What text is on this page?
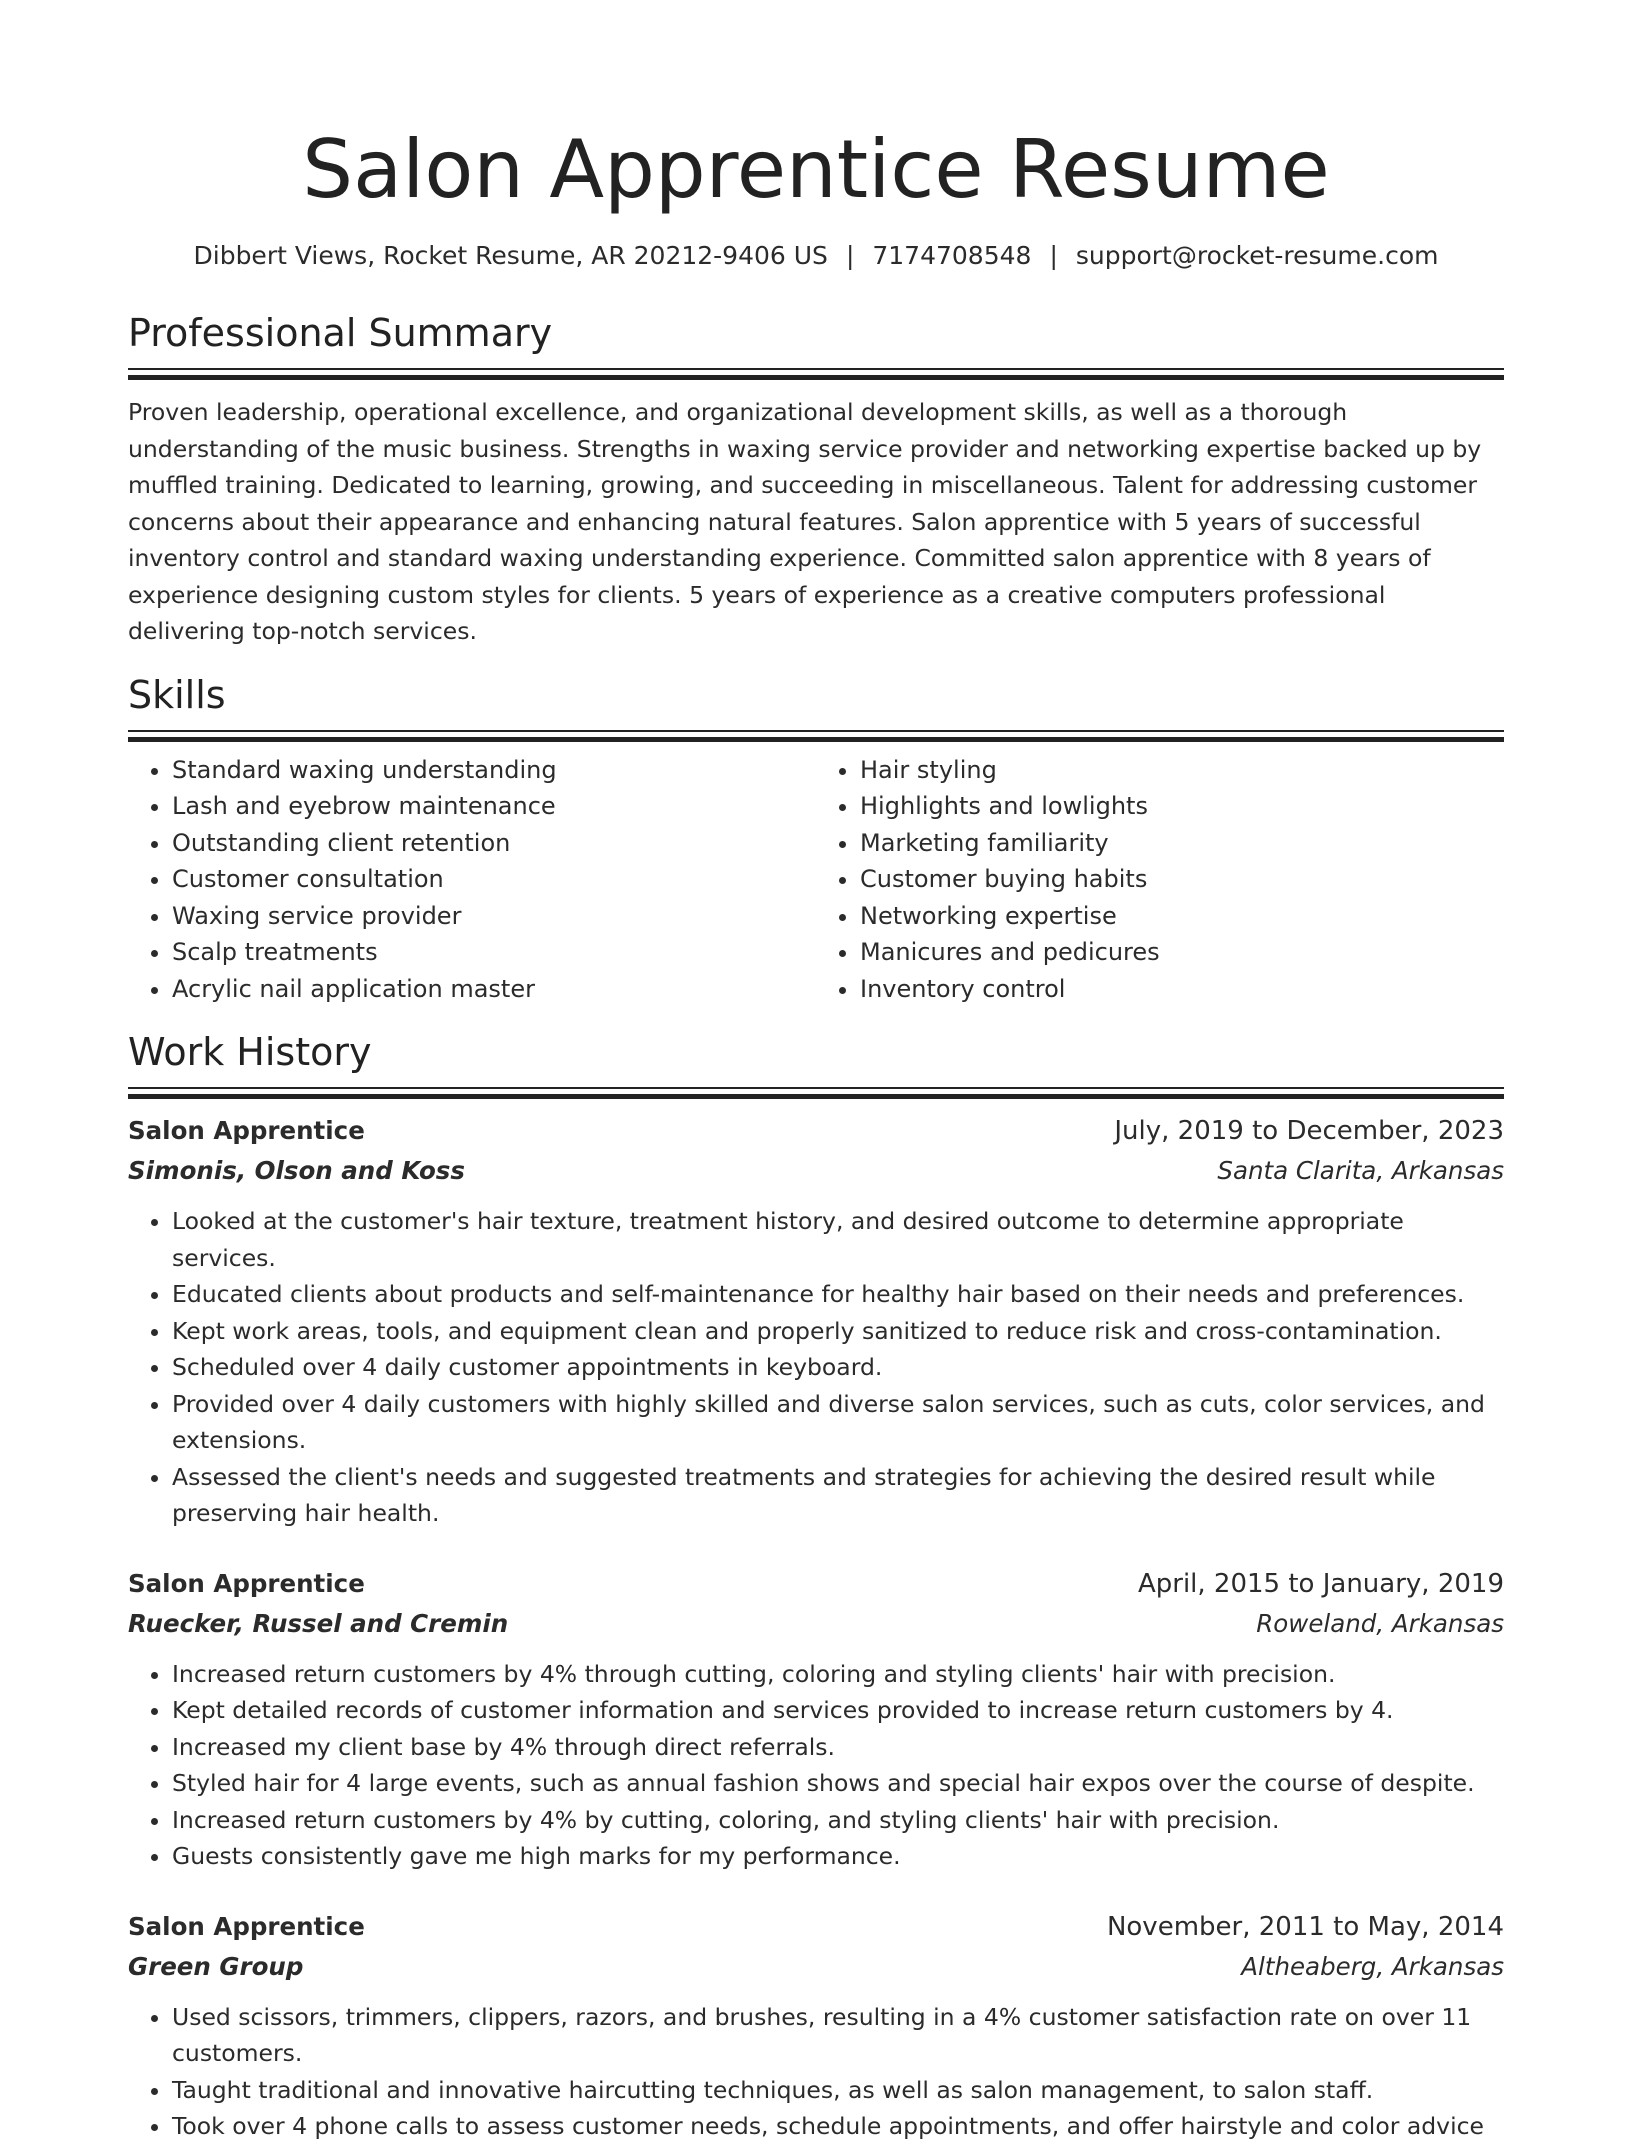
Salon Apprentice Resume
Dibbert Views, Rocket Resume, AR 20212-9406 US | 7174708548 | support@rocket-resume.com
Professional Summary

Proven leadership, operational excellence, and organizational development skills, as well as a thorough understanding of the music business. Strengths in waxing service provider and networking expertise backed up by muffled training. Dedicated to learning, growing, and succeeding in miscellaneous. Talent for addressing customer concerns about their appearance and enhancing natural features. Salon apprentice with 5 years of successful inventory control and standard waxing understanding experience. Committed salon apprentice with 8 years of experience designing custom styles for clients. 5 years of experience as a creative computers professional delivering top-notch services.

Skills
• Standard waxing understanding
• Lash and eyebrow maintenance
• Outstanding client retention
• Customer consultation
• Waxing service provider
• Scalp treatments
• Acrylic nail application master
• Hair styling
• Highlights and lowlights
• Marketing familiarity
• Customer buying habits
• Networking expertise
• Manicures and pedicures
• Inventory control
Work History
Salon Apprentice	July, 2019 to December, 2023
Simonis, Olson and Koss	Santa Clarita, Arkansas
• Looked at the customer's hair texture, treatment history, and desired outcome to determine appropriate services.
• Educated clients about products and self-maintenance for healthy hair based on their needs and preferences.
• Kept work areas, tools, and equipment clean and properly sanitized to reduce risk and cross-contamination.
• Scheduled over 4 daily customer appointments in keyboard.
• Provided over 4 daily customers with highly skilled and diverse salon services, such as cuts, color services, and extensions.
• Assessed the client's needs and suggested treatments and strategies for achieving the desired result while preserving hair health.
Salon Apprentice	April, 2015 to January, 2019
Ruecker, Russel and Cremin	Roweland, Arkansas
• Increased return customers by 4% through cutting, coloring and styling clients' hair with precision.
• Kept detailed records of customer information and services provided to increase return customers by 4.
• Increased my client base by 4% through direct referrals.
• Styled hair for 4 large events, such as annual fashion shows and special hair expos over the course of despite.
• Increased return customers by 4% by cutting, coloring, and styling clients' hair with precision.
• Guests consistently gave me high marks for my performance.
Salon Apprentice	November, 2011 to May, 2014
Green Group	Altheaberg, Arkansas
• Used scissors, trimmers, clippers, razors, and brushes, resulting in a 4% customer satisfaction rate on over 11 customers.
• Taught traditional and innovative haircutting techniques, as well as salon management, to salon staff.
• Took over 4 phone calls to assess customer needs, schedule appointments, and offer hairstyle and color advice
